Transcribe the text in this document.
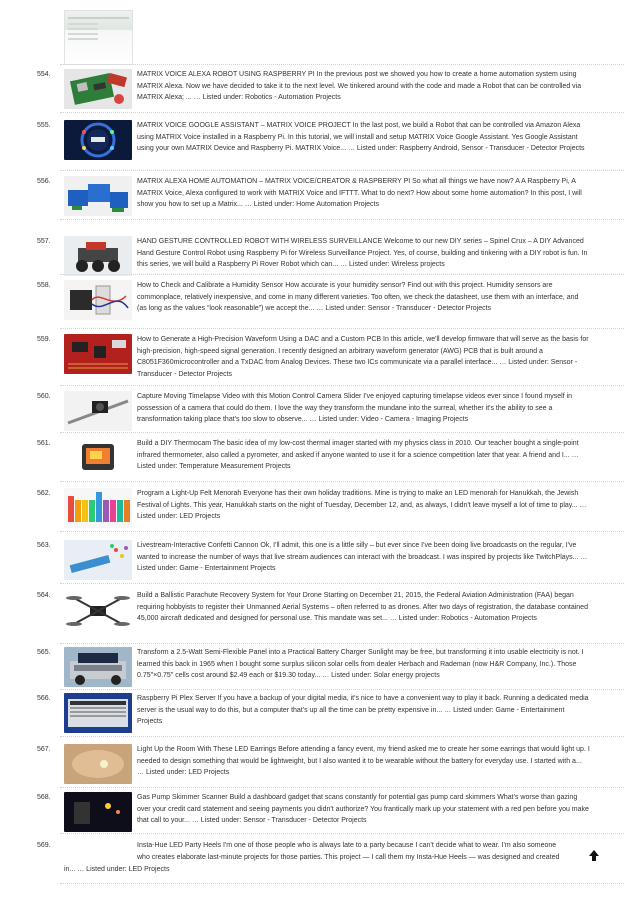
554.	MATRIX VOICE ALEXA ROBOT USING RASPBERRY PI In the previous post we showed you how to create a home automation system using MATRIX Alexa. Now we have decided to take it to the next level. We tinkered around with the code and made a Robot that can be controlled via MATRIX Alexa; ... … Listed under: Robotics - Automation Projects
555.	MATRIX VOICE GOOGLE ASSISTANT – MATRIX VOICE PROJECT In the last post, we build a Robot that can be controlled via Amazon Alexa using MATRIX Voice installed in a Raspberry Pi. In this tutorial, we will install and setup MATRIX Voice Google Assistant. Yes Google Assistant using your own MATRIX Device and Raspberry Pi. MATRIX Voice... … Listed under: Raspberry Android, Sensor - Transducer - Detector Projects
556.	MATRIX ALEXA HOME AUTOMATION – MATRIX VOICE/CREATOR & RASPBERRY PI So what all things we have now? A A Raspberry Pi, A MATRIX Voice, Alexa configured to work with MATRIX Voice and IFTTT. What to do next? How about some home automation? In this post, I will show you how to set up a Matrix... … Listed under: Home Automation Projects
557.	HAND GESTURE CONTROLLED ROBOT WITH WIRELESS SURVEILLANCE Welcome to our new DIY series – Spinel Crux – A DIY Advanced Hand Gesture Control Robot using Raspberry Pi for Wireless Surveillance Project. Yes, of course, building and tinkering with a DIY robot is fun. In this series, we will build a Raspberry Pi Rover Robot which can... … Listed under: Wireless projects
558.	How to Check and Calibrate a Humidity Sensor How accurate is your humidity sensor? Find out with this project. Humidity sensors are commonplace, relatively inexpensive, and come in many different varieties. Too often, we check the datasheet, use them with an interface, and (as long as the values “look reasonable”) we accept the... … Listed under: Sensor - Transducer - Detector Projects
559.	How to Generate a High-Precision Waveform Using a DAC and a Custom PCB In this article, we'll develop firmware that will serve as the basis for high-precision, high-speed signal generation. I recently designed an arbitrary waveform generator (AWG) PCB that is built around a C8051F360microcontroller and a TxDAC from Analog Devices. These two ICs communicate via a parallel interface... … Listed under: Sensor - Transducer - Detector Projects
560.	Capture Moving Timelapse Video with this Motion Control Camera Slider I've enjoyed capturing timelapse videos ever since I found myself in possession of a camera that could do them. I love the way they transform the mundane into the surreal, whether it's the ability to see a transformation taking place that's too slow to observe... … Listed under: Video - Camera - Imaging Projects
561.	Build a DIY Thermocam The basic idea of my low-cost thermal imager started with my physics class in 2010. Our teacher bought a single-point infrared thermometer, also called a pyrometer, and asked if anyone wanted to use it for a science competition later that year. A friend and I... … Listed under: Temperature Measurement Projects
562.	Program a Light-Up Felt Menorah Everyone has their own holiday traditions. Mine is trying to make an LED menorah for Hanukkah, the Jewish Festival of Lights. This year, Hanukkah starts on the night of Tuesday, December 12, and, as always, I didn't leave myself a lot of time to play... … Listed under: LED Projects
563.	Livestream-Interactive Confetti Cannon Ok, I'll admit, this one is a little silly – but ever since I've been doing live broadcasts on the regular, I've wanted to increase the number of ways that live stream audiences can interact with the broadcast. I was inspired by projects like TwitchPlays... … Listed under: Game - Entertainment Projects
564.	Build a Ballistic Parachute Recovery System for Your Drone Starting on December 21, 2015, the Federal Aviation Administration (FAA) began requiring hobbyists to register their Unmanned Aerial Systems – often referred to as drones. After two days of registration, the database contained 45,000 aircraft dedicated and designed for personal use. This mandate was set... … Listed under: Robotics - Automation Projects
565.	Transform a 2.5-Watt Semi-Flexible Panel into a Practical Battery Charger Sunlight may be free, but transforming it into usable electricity is not. I learned this back in 1965 when I bought some surplus silicon solar cells from dealer Herbach and Rademan (now H&R Company, Inc.). Those 0.75″×0.75″ cells cost around $2.49 each or $19.30 today... … Listed under: Solar energy projects
566.	Raspberry Pi Plex Server If you have a backup of your digital media, it's nice to have a convenient way to play it back. Running a dedicated media server is the usual way to do this, but a computer that's up all the time can be pretty expensive in... … Listed under: Game - Entertainment Projects
567.	Light Up the Room With These LED Earrings Before attending a fancy event, my friend asked me to create her some earrings that would light up. I needed to design something that would be lightweight, but I also wanted it to be wearable without the battery for everyday use. I started with a... … Listed under: LED Projects
568.	Gas Pump Skimmer Scanner Build a dashboard gadget that scans constantly for potential gas pump card skimmers What's worse than gazing over your credit card statement and seeing payments you didn't authorize? You frantically mark up your statement with a red pen before you make that call to your... … Listed under: Sensor - Transducer - Detector Projects
569.	Insta-Hue LED Party Heels I'm one of those people who is always late to a party because I can't decide what to wear. I'm also someone
who creates elaborate last-minute projects for those parties. This project — I call them my Insta-Hue Heels — was designed and created
in... … Listed under: LED Projects
